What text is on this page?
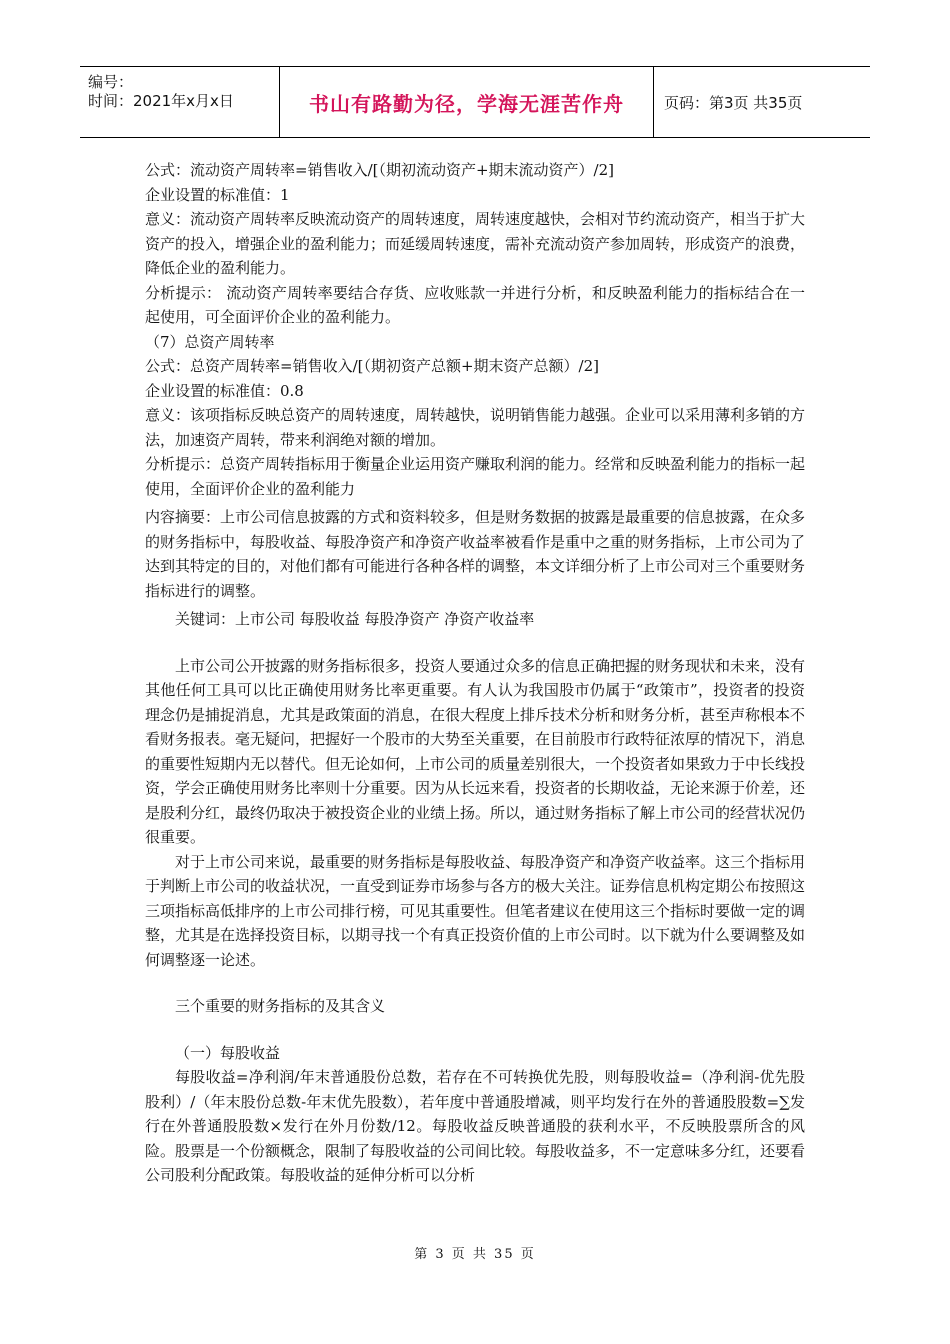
编号：
时间：2021年x月x日	书山有路勤为径，学海无涯苦作舟	页码：第3页 共35页

公式：流动资产周转率=销售收入/[（期初流动资产+期末流动资产）/2]

企业设置的标准值：1

意义：流动资产周转率反映流动资产的周转速度，周转速度越快，会相对节约流动资产，相当于扩大资产的投入，增强企业的盈利能力；而延缓周转速度，需补充流动资产参加周转，形成资产的浪费，降低企业的盈利能力。

分析提示： 流动资产周转率要结合存货、应收账款一并进行分析，和反映盈利能力的指标结合在一起使用，可全面评价企业的盈利能力。

（7）总资产周转率

公式：总资产周转率=销售收入/[（期初资产总额+期末资产总额）/2]

企业设置的标准值：0.8

意义：该项指标反映总资产的周转速度，周转越快，说明销售能力越强。企业可以采用薄利多销的方法，加速资产周转，带来利润绝对额的增加。

分析提示：总资产周转指标用于衡量企业运用资产赚取利润的能力。经常和反映盈利能力的指标一起使用，全面评价企业的盈利能力

内容摘要：上市公司信息披露的方式和资料较多，但是财务数据的披露是最重要的信息披露，在众多的财务指标中，每股收益、每股净资产和净资产收益率被看作是重中之重的财务指标，上市公司为了达到其特定的目的，对他们都有可能进行各种各样的调整，本文详细分析了上市公司对三个重要财务指标进行的调整。

关键词：上市公司 每股收益 每股净资产 净资产收益率

上市公司公开披露的财务指标很多，投资人要通过众多的信息正确把握的财务现状和未来，没有其他任何工具可以比正确使用财务比率更重要。有人认为我国股市仍属于“政策市”，投资者的投资理念仍是捕捉消息，尤其是政策面的消息，在很大程度上排斥技术分析和财务分析，甚至声称根本不看财务报表。毫无疑问，把握好一个股市的大势至关重要，在目前股市行政特征浓厚的情况下，消息的重要性短期内无以替代。但无论如何，上市公司的质量差别很大，一个投资者如果致力于中长线投资，学会正确使用财务比率则十分重要。因为从长远来看，投资者的长期收益，无论来源于价差，还是股利分红，最终仍取决于被投资企业的业绩上扬。所以，通过财务指标了解上市公司的经营状况仍很重要。

对于上市公司来说，最重要的财务指标是每股收益、每股净资产和净资产收益率。这三个指标用于判断上市公司的收益状况，一直受到证券市场参与各方的极大关注。证券信息机构定期公布按照这三项指标高低排序的上市公司排行榜，可见其重要性。但笔者建议在使用这三个指标时要做一定的调整，尤其是在选择投资目标，以期寻找一个有真正投资价值的上市公司时。以下就为什么要调整及如何调整逐一论述。

三个重要的财务指标的及其含义

（一）每股收益

每股收益=净利润/年末普通股份总数，若存在不可转换优先股，则每股收益=（净利润-优先股股利）/（年末股份总数-年末优先股数），若年度中普通股增减，则平均发行在外的普通股股数=∑发行在外普通股股数×发行在外月份数/12。每股收益反映普通股的获利水平，不反映股票所含的风险。股票是一个份额概念，限制了每股收益的公司间比较。每股收益多，不一定意味多分红，还要看公司股利分配政策。每股收益的延伸分析可以分析

第 3 页 共 35 页
